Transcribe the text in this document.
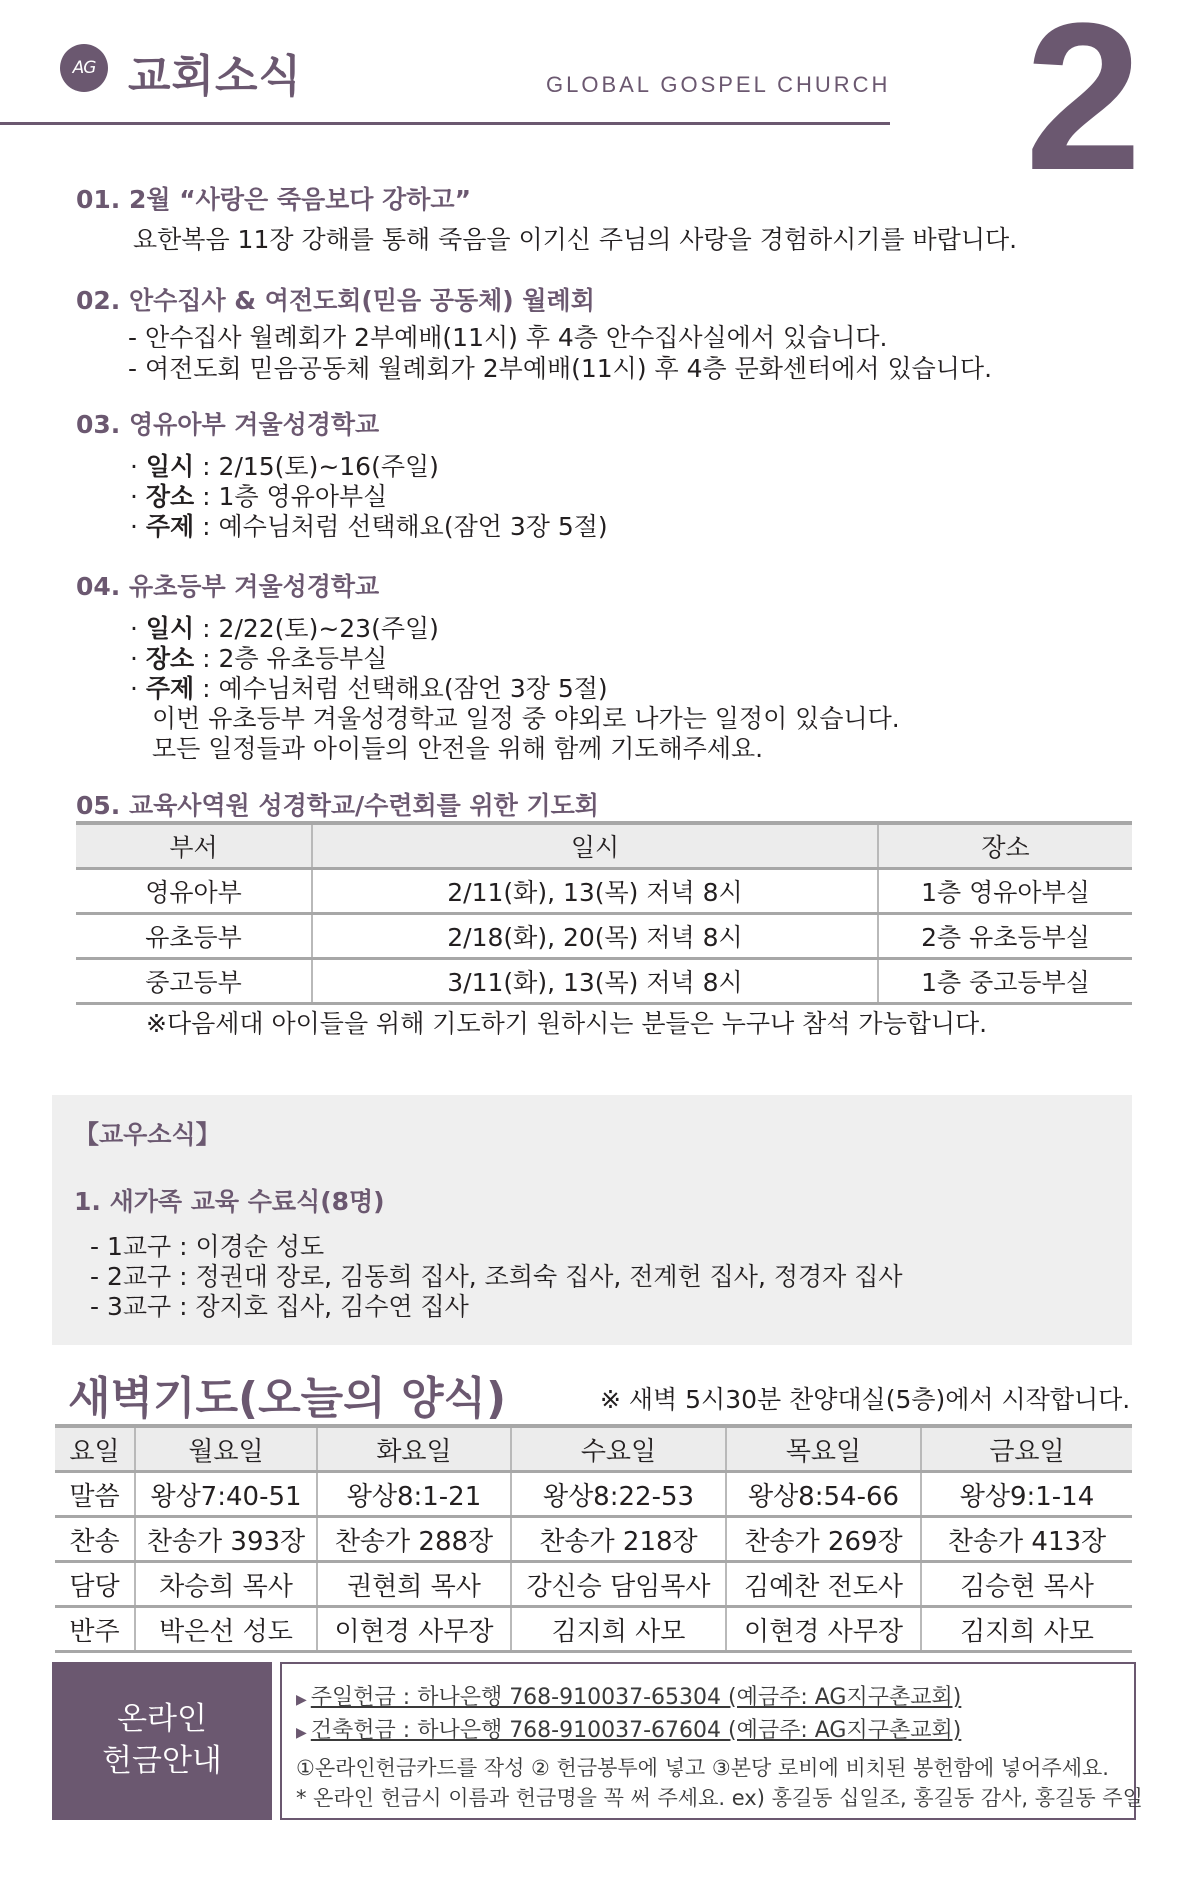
AG 교회소식	GLOBAL GOSPEL CHURCH 2
01. 2월 “사랑은 죽음보다 강하고”
요한복음 11장 강해를 통해 죽음을 이기신 주님의 사랑을 경험하시기를 바랍니다.
02. 안수집사 & 여전도회(믿음 공동체) 월례회
- 안수집사 월례회가 2부예배(11시) 후 4층 안수집사실에서 있습니다.
- 여전도회 믿음공동체 월례회가 2부예배(11시) 후 4층 문화센터에서 있습니다.
03. 영유아부 겨울성경학교
· 일시 : 2/15(토)~16(주일)
· 장소 : 1층 영유아부실
· 주제 : 예수님처럼 선택해요(잠언 3장 5절)
04. 유초등부 겨울성경학교
· 일시 : 2/22(토)~23(주일)
· 장소 : 2층 유초등부실
· 주제 : 예수님처럼 선택해요(잠언 3장 5절)
이번 유초등부 겨울성경학교 일정 중 야외로 나가는 일정이 있습니다.
모든 일정들과 아이들의 안전을 위해 함께 기도해주세요.
05. 교육사역원 성경학교/수련회를 위한 기도회
부서	일시	장소
영유아부	2/11(화), 13(목) 저녁 8시	1층 영유아부실
유초등부	2/18(화), 20(목) 저녁 8시	2층 유초등부실
중고등부	3/11(화), 13(목) 저녁 8시	1층 중고등부실
※다음세대 아이들을 위해 기도하기 원하시는 분들은 누구나 참석 가능합니다.
【교우소식】
1. 새가족 교육 수료식(8명)
- 1교구 : 이경순 성도
- 2교구 : 정권대 장로, 김동희 집사, 조희숙 집사, 전계헌 집사, 정경자 집사
- 3교구 : 장지호 집사, 김수연 집사
새벽기도(오늘의 양식)	※ 새벽 5시30분 찬양대실(5층)에서 시작합니다.
요일	월요일	화요일	수요일	목요일	금요일
말씀	왕상7:40-51	왕상8:1-21	왕상8:22-53	왕상8:54-66	왕상9:1-14
찬송	찬송가 393장	찬송가 288장	찬송가 218장	찬송가 269장	찬송가 413장
담당	차승희 목사	권현희 목사	강신승 담임목사	김예찬 전도사	김승현 목사
반주	박은선 성도	이현경 사무장	김지희 사모	이현경 사무장	김지희 사모
온라인
헌금안내
▶ 주일헌금 : 하나은행 768-910037-65304 (예금주: AG지구촌교회)
▶ 건축헌금 : 하나은행 768-910037-67604 (예금주: AG지구촌교회)
①온라인헌금카드를 작성 ② 헌금봉투에 넣고 ③본당 로비에 비치된 봉헌함에 넣어주세요.
* 온라인 헌금시 이름과 헌금명을 꼭 써 주세요. ex) 홍길동 십일조, 홍길동 감사, 홍길동 주일
